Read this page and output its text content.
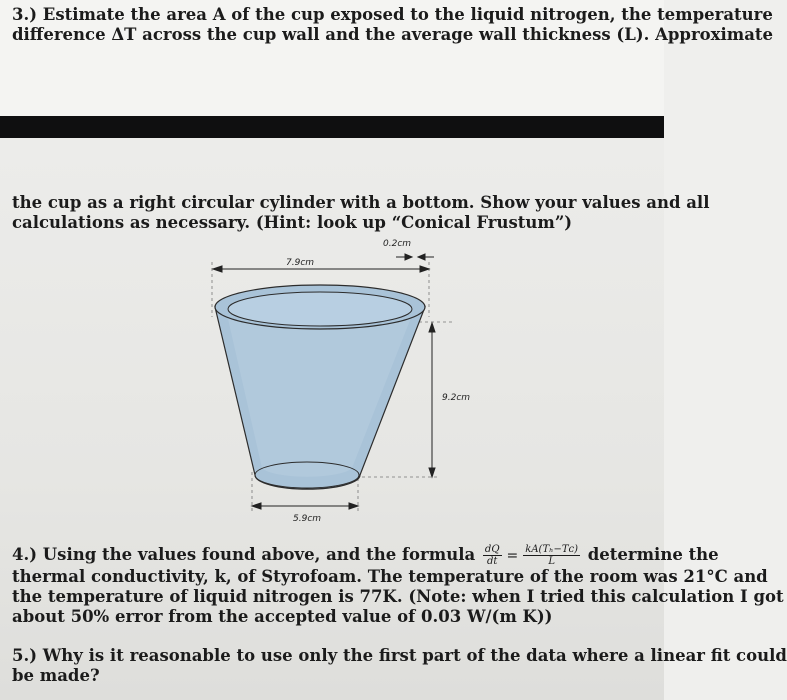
3.) Estimate the area A of the cup exposed to the liquid nitrogen, the temperature
difference ΔT across the cup wall and the average wall thickness (L). Approximate
the cup as a right circular cylinder with a bottom. Show your values and all
calculations as necessary. (Hint: look up “Conical Frustum”)
7.9cm
0.2cm
9.2cm
5.9cm
4.) Using the values found above, and the formula $\frac{dQ}{dt} = \frac{\text{kA(Tₕ−Tᴄ)}}{L}$ determine the
thermal conductivity, k, of Styrofoam. The temperature of the room was 21°C and
the temperature of liquid nitrogen is 77K. (Note: when I tried this calculation I got
about 50% error from the accepted value of 0.03 W/(m K))
5.) Why is it reasonable to use only the first part of the data where a linear fit could
be made?
